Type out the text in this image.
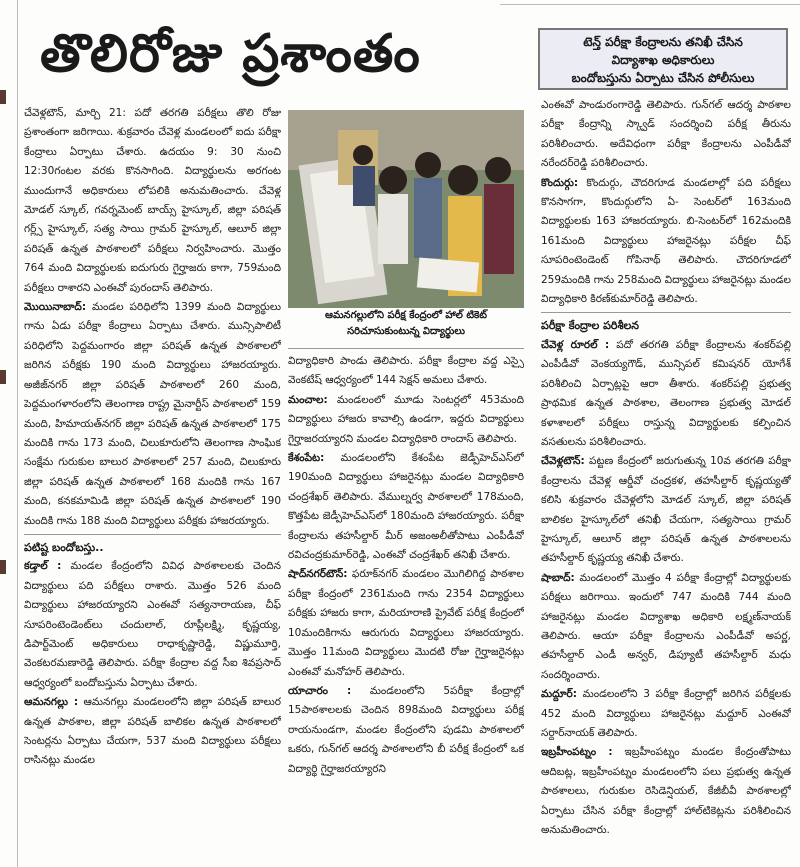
తొలిరోజు ప్రశాంతం	టెన్త్‌ పరీక్షా కేంద్రాలను తనిఖీ చేసిన
విద్యాశాఖ అధికారులు
బందోబస్తును ఏర్పాటు చేసిన పోలీసులు
ఆమనగల్లులోని పరీక్ష కేంద్రంలో హాల్‌ టికెట్‌ సరిచూసుకుంటున్న విద్యార్థులు

చేవెళ్లటౌన్‌, మార్చి 21: పదో తరగతి పరీక్షలు తొలి రోజు ప్రశాంతంగా జరిగాయి. శుక్రవారం చేవెళ్ల మండలంలో ఐదు పరీక్షా కేంద్రాలు ఏర్పాటు చేశారు. ఉదయం 9: 30 నుంచి 12:30గంటల వరకు కొనసాగింది. విద్యార్థులను అరగంట ముందుగానే అధికారులు లోపలికి అనుమతించారు. చేవెళ్ల మోడల్‌ స్కూల్‌, గవర్నమెంట్‌ బాయ్స్‌ హైస్కూల్‌, జిల్లా పరిషత్‌ గర్ల్స్‌ హైస్కూల్‌, సత్య సాయి గ్రామర్‌ హైస్కూల్‌, ఆలూర్‌ జిల్లా పరిషత్‌ ఉన్నత పాఠశాలలో పరీక్షలు నిర్వహించారు. మొత్తం 764 మంది విద్యార్థులకు ఐదుగురు గైర్హాజరు కాగా, 759మంది పరీక్షలు రాశారని ఎంఈవో పురందాస్‌ తెలిపారు.

మొయినాబాద్‌: మండల పరిధిలోని 1399 మంది విద్యార్థులు గాను ఏడు పరీక్షా కేంద్రాలు ఏర్పాటు చేశారు. మున్సిపాలిటీ పరిధిలోని పెద్దమంగారం జిల్లా పరిషత్‌ ఉన్నత పాఠశాలలో జరిగిన పరీక్షకు 190 మంది విద్యార్థులు హాజరయ్యారు. అజీజ్‌నగర్‌ జిల్లా పరిషత్‌ పాఠశాలలో 260 మంది, పెద్దమంగళారంలోని తెలంగాణ రాష్ట్ర మైనార్టీస్‌ పాఠశాలలో 159 మంది, హిమాయత్‌నగర్‌ జిల్లా పరిషత్‌ ఉన్నత పాఠశాలలో 175 మందికి గాను 173 మంది, చిలుకూరులోని తెలంగాణ సాంఘిక సంక్షేమ గురుకుల బాలుర పాఠశాలలో 257 మంది, చిలుకూరు జిల్లా పరిషత్‌ ఉన్నత పాఠశాలలో 168 మందికి గాను 167 మంది, కనకమామిడి జిల్లా పరిషత్‌ ఉన్నత పాఠశాలలో 190 మందికి గాను 188 మంది విద్యార్థులు పరీక్షకు హాజరయ్యారు.

పటిష్ట బందోబస్తు..

కడ్తాల్‌ : మండల కేంద్రంలోని వివిధ పాఠశాలలకు చెందిన విద్యార్థులు పది పరీక్షలు రాశారు. మొత్తం 526 మంది విద్యార్థులు హాజరయ్యారని ఎంఈవో సత్యనారాయణ, చీఫ్‌ సూపరింటెండెంట్‌లు చందులాల్‌, రూప్లీలక్ష్మి, కృష్ణయ్య, డిపార్ట్‌మెంట్‌ అధికారులు రాధాకృష్ణారెడ్డి, విష్ణుమూర్తి, వెంకటరమణారెడ్డి తెలిపారు. పరీక్షా కేంద్రాల వద్ద సీఐ శివప్రసాద్‌ ఆధ్వర్యంలో బందోబస్తును ఏర్పాటు చేశారు.

ఆమనగల్లు : ఆమనగల్లు మండలంలోని జిల్లా పరిషత్‌ బాలుర ఉన్నత పాఠశాల, జిల్లా పరిషత్‌ బాలికల ఉన్నత పాఠశాలలో సెంటర్లను ఏర్పాటు చేయగా, 537 మంది విద్యార్థులు పరీక్షలు రాసినట్లు మండల

విద్యాధికారి పాండు తెలిపారు. పరీక్షా కేంద్రాల వద్ద ఎస్సై వెంకటేష్‌ ఆధ్వర్యంలో 144 సెక్షన్‌ అమలు చేశారు.

మంచాల: మండలంలో మూడు సెంటర్లలో 453మంది విద్యార్థులు హాజరు కావాల్సి ఉండగా, ఇద్దరు విద్యార్థులు గైర్హాజరయ్యారని మండల విద్యాధికారి రాందాస్‌ తెలిపారు.

కేశంపేట: మండలంలోని కేశంపేట జెడ్పీహెచ్‌ఎస్‌లో 190మంది విద్యార్థులు హాజరైనట్లు మండల విద్యాధికారి చంద్రశేఖర్‌ తెలిపారు. వేముల్నర్వ పాఠశాలలో 178మంది, కొత్తపేట జెడ్పీహెచ్‌ఎస్‌లో 180మంది హాజరయ్యారు. పరీక్షా కేంద్రాలను తహసీల్దార్‌ మీర్‌ అజంఅలీతోపాటు ఎంపీడీవో రవిచంద్రకుమార్‌రెడ్డి, ఎంఈవో చంద్రశేఖర్‌ తనిఖీ చేశారు.

షాద్‌నగర్‌టౌన్‌: ఫరూక్‌నగర్‌ మండలం మొగిలిగిద్ద పాఠశాల పరీక్షా కేంద్రంలో 2361మంది గాను 2354 విద్యార్థులు పరీక్షకు హాజరు కాగా, మరియారాణి ప్రైవేట్‌ పరీక్ష కేంద్రంలో 10మందికిగాను ఆరుగురు విద్యార్థులు హాజరయ్యారు. మొత్తం 11మంది విద్యార్థులు మొదటి రోజు గైర్హాజరైనట్లు ఎంఈవో మనోహర్‌ తెలిపారు.

యాచారం : మండలంలోని 5పరీక్షా కేంద్రాల్లో 15పాఠశాలలకు చెందిన 898మంది విద్యార్థులు పరీక్ష రాయనుండగా, మండల కేంద్రంలోని పుడమి పాఠశాలలో ఒకరు, గున్‌గల్‌ ఆదర్శ పాఠశాలలోని బీ పరీక్ష కేంద్రంలో ఒక విద్యార్థి గైర్హాజరయ్యారని

ఎంఈవో పాండురంగారెడ్డి తెలిపారు. గున్‌గల్‌ ఆదర్శ పాఠశాల పరీక్షా కేంద్రాన్ని స్క్వాడ్‌ సందర్శించి పరీక్ష తీరును పరిశీలించారు. అదేవిధంగా పరీక్షా కేంద్రాలను ఎంపీడీవో నరేందర్‌రెడ్డి పరిశీలించారు.

కొందుర్గు: కొందుర్గు, చౌదరిగూడ మండలాల్లో పది పరీక్షలు కొనసాగగా, కొందుర్గులోని ఏ- సెంటర్‌లో 163మంది విద్యార్థులకు 163 హాజరయ్యారు. బి-సెంటర్‌లో 162మందికి 161మంది విద్యార్థులు హాజరైనట్లు పరీక్షల చీఫ్‌ సూపరింటెండెంట్‌ గోపినాథ్‌ తెలిపారు. చౌదరిగూడలో 259మందికి గాను 258మంది విద్యార్థులు హాజరైనట్లు మండల విద్యాధికారి కిరణ్‌కుమార్‌రెడ్డి తెలిపారు.

పరీక్షా కేంద్రాల పరిశీలన

చేవెళ్ల రూరల్‌ : పదో తరగతి పరీక్షా కేంద్రాలను శంకర్‌పల్లి ఎంపీడీవో వెంకయ్యగౌడ్‌, మున్సిపల్‌ కమిషనర్‌ యోగేశ్‌ పరిశీలించి ఏర్పాట్లపై ఆరా తీశారు. శంకర్‌పల్లి ప్రభుత్వ ప్రాథమిక ఉన్నత పాఠశాల, తెలంగాణ ప్రభుత్వ మోడల్‌ కళాశాలలో పరీక్షలు రాస్తున్న విద్యార్థులకు కల్పించిన వసతులను పరిశీలించారు.

చేవెళ్లటౌన్‌: పట్టణ కేంద్రంలో జరుగుతున్న 10వ తరగతి పరీక్షా కేంద్రాలను చేవెళ్ల ఆర్డీవో చంద్రకళ, తహసీల్దార్‌ కృష్ణయ్యతో కలిసి శుక్రవారం చేవెళ్లలోని మోడల్‌ స్కూల్‌, జిల్లా పరిషత్‌ బాలికల హైస్కూల్‌లో తనిఖీ చేయగా, సత్యసాయి గ్రామర్‌ హైస్కూల్‌, ఆలూర్‌ జిల్లా పరిషత్‌ ఉన్నత పాఠశాలలను తహసీల్దార్‌ కృష్ణయ్య తనిఖీ చేశారు.

షాబాద్‌: మండలంలో మొత్తం 4 పరీక్షా కేంద్రాల్లో విద్యార్థులకు పరీక్షలు జరిగాయి. ఇందులో 747 మందికి 744 మంది హాజరైనట్లు మండల విద్యాశాఖ అధికారి లక్ష్మణ్‌నాయక్‌ తెలిపారు. ఆయా పరీక్షా కేంద్రాలను ఎంపీడీవో అపర్ణ, తహసీల్దార్‌ ఎండీ అన్వర్‌, డిప్యూటీ తహసీల్దార్‌ మధు సందర్శించారు.

మద్దూర్‌: మండలంలోని 3 పరీక్షా కేంద్రాల్లో జరిగిన పరీక్షలకు 452 మంది విద్యార్థులు హాజరైనట్లు మద్దూర్‌ ఎంఈవో సర్దార్‌నాయక్‌ తెలిపారు.

ఇబ్రహీంపట్నం : ఇబ్రహీంపట్నం మండల కేంద్రంతోపాటు ఆదిబట్ల, ఇబ్రహీంపట్నం మండలంలోని పలు ప్రభుత్వ ఉన్నత పాఠశాలలు, గురుకుల రెసిడెన్షియల్‌, కేజీబీవీ పాఠశాలల్లో ఏర్పాటు చేసిన పరీక్షా కేంద్రాల్లో హాల్‌టికెట్లను పరిశీలించిన అనుమతించారు.
